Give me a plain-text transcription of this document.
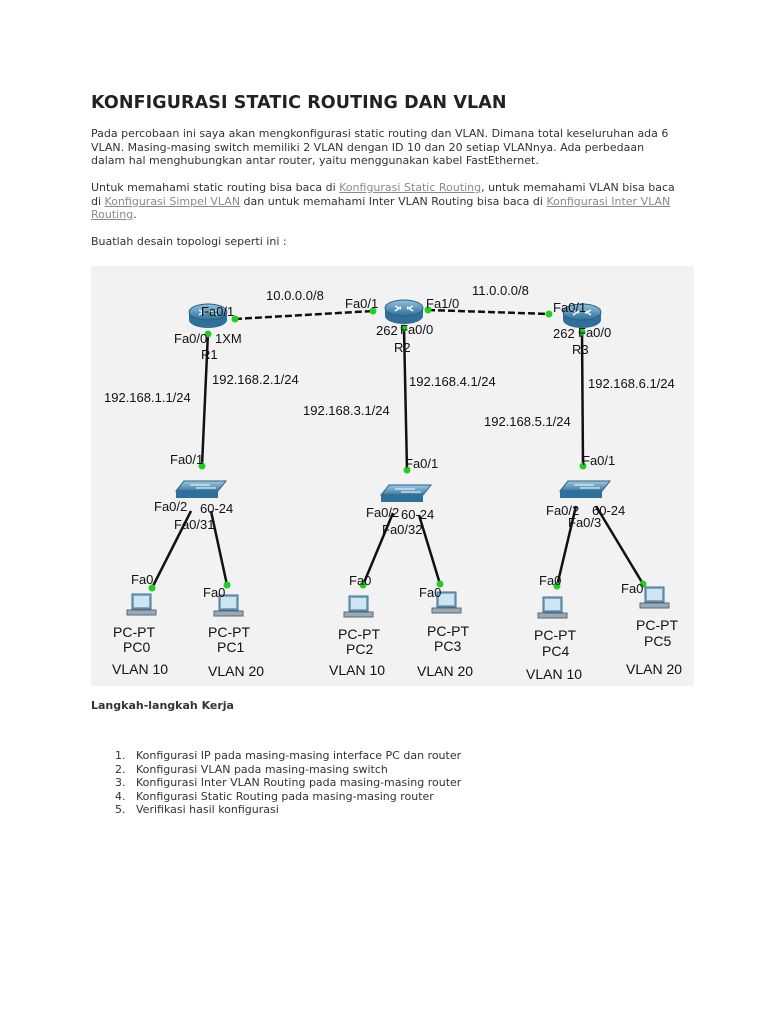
KONFIGURASI STATIC ROUTING DAN VLAN

Pada percobaan ini saya akan mengkonfigurasi static routing dan VLAN. Dimana total keseluruhan ada 6 VLAN. Masing-masing switch memiliki 2 VLAN dengan ID 10 dan 20 setiap VLANnya. Ada perbedaan dalam hal menghubungkan antar router, yaitu menggunakan kabel FastEthernet.

Untuk memahami static routing bisa baca di Konfigurasi Static Routing, untuk memahami VLAN bisa baca di Konfigurasi Simpel VLAN dan untuk memahami Inter VLAN Routing bisa baca di Konfigurasi Inter VLAN Routing.

Buatlah desain topologi seperti ini :

10.0.0.0/8	11.0.0.0/8
Fa0/1
Fa0/0 1XM
R1
Fa0/1	Fa1/0
262 Fa0/0
R2
Fa0/1
262 Fa0/0
R3
192.168.1.1/24
192.168.2.1/24
192.168.3.1/24
192.168.4.1/24
192.168.5.1/24
192.168.6.1/24
Fa0/1
Fa0/2 60-24
Fa0/31
Fa0/1
Fa0/2 60-24
Fa0/32
Fa0/1
Fa0/2 60-24
Fa0/3
Fa0
Fa0
Fa0
Fa0
Fa0
Fa0
PC-PT
PC0
VLAN 10
PC-PT
PC1
VLAN 20
PC-PT
PC2
VLAN 10
PC-PT
PC3
VLAN 20
PC-PT
PC4
VLAN 10
PC-PT
PC5
VLAN 20

Langkah-langkah Kerja

1. Konfigurasi IP pada masing-masing interface PC dan router
2. Konfigurasi VLAN pada masing-masing switch
3. Konfigurasi Inter VLAN Routing pada masing-masing router
4. Konfigurasi Static Routing pada masing-masing router
5. Verifikasi hasil konfigurasi
